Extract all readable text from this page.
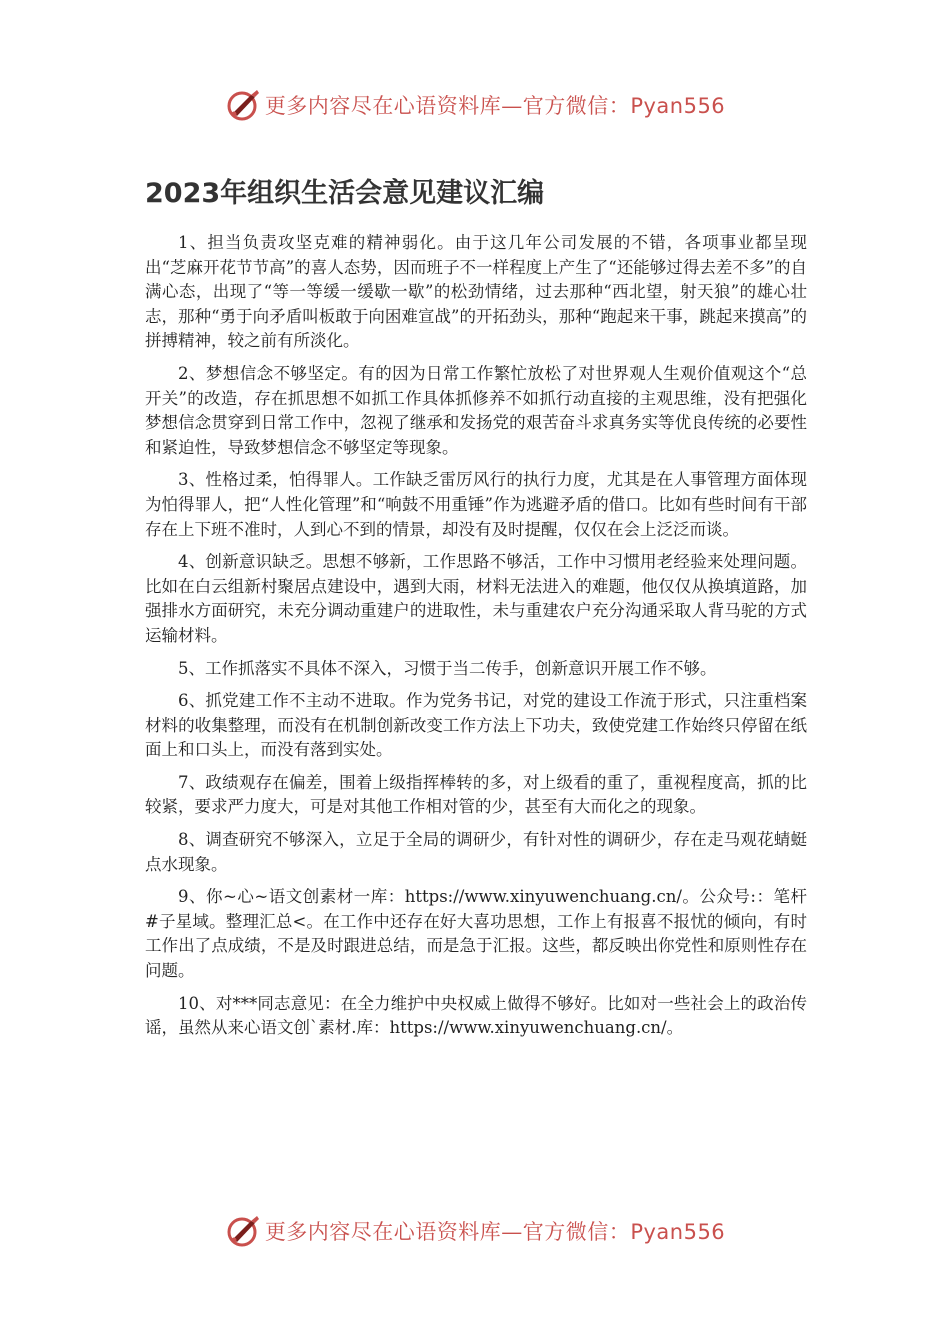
更多内容尽在心语资料库—官方微信：Pyan556
2023年组织生活会意见建议汇编

1、担当负责攻坚克难的精神弱化。由于这几年公司发展的不错，各项事业都呈现出“芝麻开花节节高”的喜人态势，因而班子不一样程度上产生了“还能够过得去差不多”的自满心态，出现了“等一等缓一缓歇一歇”的松劲情绪，过去那种“西北望，射天狼”的雄心壮志，那种“勇于向矛盾叫板敢于向困难宣战”的开拓劲头，那种“跑起来干事，跳起来摸高”的拼搏精神，较之前有所淡化。

2、梦想信念不够坚定。有的因为日常工作繁忙放松了对世界观人生观价值观这个“总开关”的改造，存在抓思想不如抓工作具体抓修养不如抓行动直接的主观思维，没有把强化梦想信念贯穿到日常工作中，忽视了继承和发扬党的艰苦奋斗求真务实等优良传统的必要性和紧迫性，导致梦想信念不够坚定等现象。

3、性格过柔，怕得罪人。工作缺乏雷厉风行的执行力度，尤其是在人事管理方面体现为怕得罪人，把“人性化管理”和“响鼓不用重锤”作为逃避矛盾的借口。比如有些时间有干部存在上下班不准时，人到心不到的情景，却没有及时提醒，仅仅在会上泛泛而谈。

4、创新意识缺乏。思想不够新，工作思路不够活，工作中习惯用老经验来处理问题。比如在白云组新村聚居点建设中，遇到大雨，材料无法进入的难题，他仅仅从换填道路，加强排水方面研究，未充分调动重建户的进取性，未与重建农户充分沟通采取人背马驼的方式运输材料。

5、工作抓落实不具体不深入，习惯于当二传手，创新意识开展工作不够。

6、抓党建工作不主动不进取。作为党务书记，对党的建设工作流于形式，只注重档案材料的收集整理，而没有在机制创新改变工作方法上下功夫，致使党建工作始终只停留在纸面上和口头上，而没有落到实处。

7、政绩观存在偏差，围着上级指挥棒转的多，对上级看的重了，重视程度高，抓的比较紧，要求严力度大，可是对其他工作相对管的少，甚至有大而化之的现象。

8、调查研究不够深入，立足于全局的调研少，有针对性的调研少，存在走马观花蜻蜓点水现象。

9、你~心~语文创素材一库：https://www.xinyuwenchuang.cn/。公众号:：笔杆#子星域。整理汇总<。在工作中还存在好大喜功思想，工作上有报喜不报忧的倾向，有时工作出了点成绩，不是及时跟进总结，而是急于汇报。这些，都反映出你党性和原则性存在问题。

10、对***同志意见：在全力维护中央权威上做得不够好。比如对一些社会上的政治传谣，虽然从来心语文创`素材.库：https://www.xinyuwenchuang.cn/。

更多内容尽在心语资料库—官方微信：Pyan556
